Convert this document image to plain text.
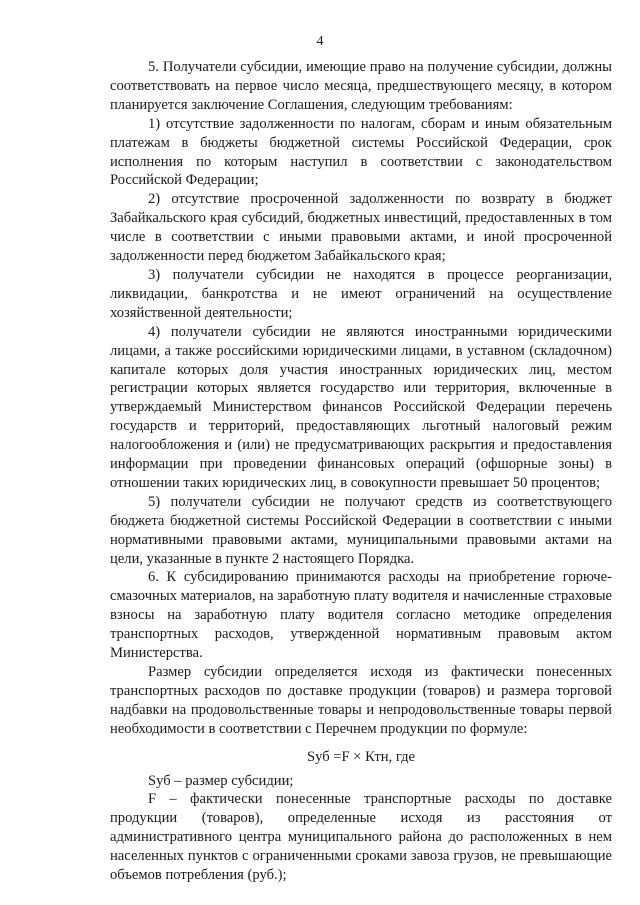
4

5. Получатели субсидии, имеющие право на получение субсидии, должны соответствовать на первое число месяца, предшествующего месяцу, в котором планируется заключение Соглашения, следующим требованиям:

1) отсутствие задолженности по налогам, сборам и иным обязательным платежам в бюджеты бюджетной системы Российской Федерации, срок исполнения по которым наступил в соответствии с законодательством Российской Федерации;

2) отсутствие просроченной задолженности по возврату в бюджет Забайкальского края субсидий, бюджетных инвестиций, предоставленных в том числе в соответствии с иными правовыми актами, и иной просроченной задолженности перед бюджетом Забайкальского края;

3) получатели субсидии не находятся в процессе реорганизации, ликвидации, банкротства и не имеют ограничений на осуществление хозяйственной деятельности;

4) получатели субсидии не являются иностранными юридическими лицами, а также российскими юридическими лицами, в уставном (складочном) капитале которых доля участия иностранных юридических лиц, местом регистрации которых является государство или территория, включенные в утверждаемый Министерством финансов Российской Федерации перечень государств и территорий, предоставляющих льготный налоговый режим налогообложения и (или) не предусматривающих раскрытия и предоставления информации при проведении финансовых операций (офшорные зоны) в отношении таких юридических лиц, в совокупности превышает 50 процентов;

5) получатели субсидии не получают средств из соответствующего бюджета бюджетной системы Российской Федерации в соответствии с иными нормативными правовыми актами, муниципальными правовыми актами на цели, указанные в пункте 2 настоящего Порядка.

6. К субсидированию принимаются расходы на приобретение горюче-смазочных материалов, на заработную плату водителя и начисленные страховые взносы на заработную плату водителя согласно методике определения транспортных расходов, утвержденной нормативным правовым актом Министерства.

Размер субсидии определяется исходя из фактически понесенных транспортных расходов по доставке продукции (товаров) и размера торговой надбавки на продовольственные товары и непродовольственные товары первой необходимости в соответствии с Перечнем продукции по формуле:

Sуб =F × Ктн, где

Sуб – размер субсидии;

F – фактически понесенные транспортные расходы по доставке продукции (товаров), определенные исходя из расстояния от административного центра муниципального района до расположенных в нем населенных пунктов с ограниченными сроками завоза грузов, не превышающие объемов потребления (руб.);
